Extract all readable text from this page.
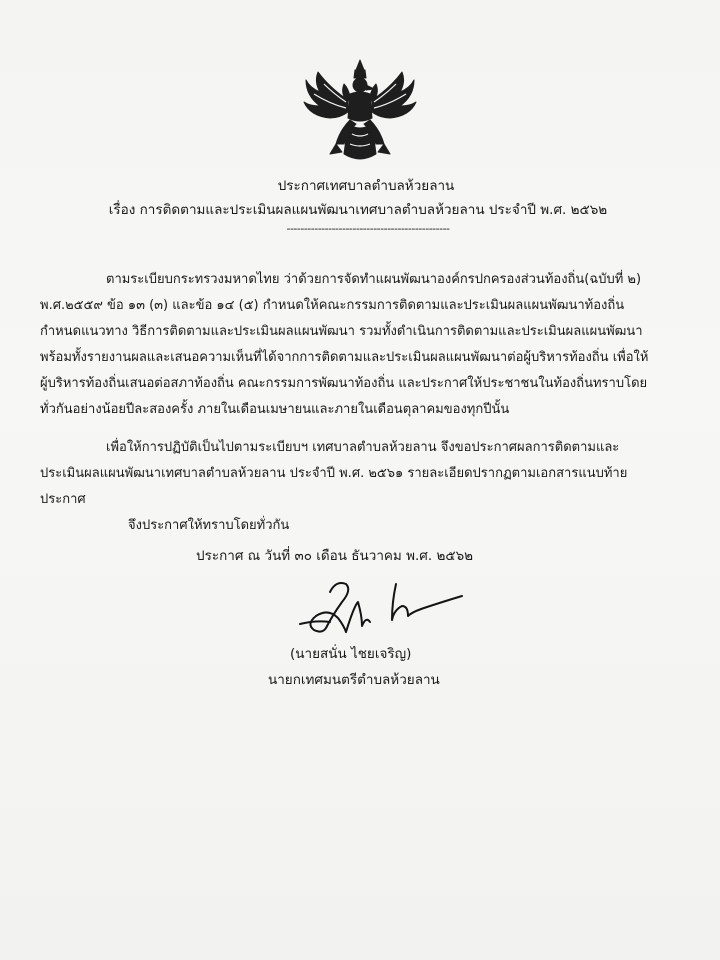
ประกาศเทศบาลตำบลห้วยลาน
เรื่อง การติดตามและประเมินผลแผนพัฒนาเทศบาลตำบลห้วยลาน ประจำปี พ.ศ. ๒๕๖๒
-----------------------------------------------
ตามระเบียบกระทรวงมหาดไทย ว่าด้วยการจัดทำแผนพัฒนาองค์กรปกครองส่วนท้องถิ่น(ฉบับที่ ๒)
พ.ศ.๒๕๕๙ ข้อ ๑๓ (๓) และข้อ ๑๔ (๕) กำหนดให้คณะกรรมการติดตามและประเมินผลแผนพัฒนาท้องถิ่น
กำหนดแนวทาง วิธีการติดตามและประเมินผลแผนพัฒนา รวมทั้งดำเนินการติดตามและประเมินผลแผนพัฒนา
พร้อมทั้งรายงานผลและเสนอความเห็นที่ได้จากการติดตามและประเมินผลแผนพัฒนาต่อผู้บริหารท้องถิ่น เพื่อให้
ผู้บริหารท้องถิ่นเสนอต่อสภาท้องถิ่น คณะกรรมการพัฒนาท้องถิ่น และประกาศให้ประชาชนในท้องถิ่นทราบโดย
ทั่วกันอย่างน้อยปีละสองครั้ง ภายในเดือนเมษายนและภายในเดือนตุลาคมของทุกปีนั้น
เพื่อให้การปฏิบัติเป็นไปตามระเบียบฯ เทศบาลตำบลห้วยลาน จึงขอประกาศผลการติดตามและ
ประเมินผลแผนพัฒนาเทศบาลตำบลห้วยลาน ประจำปี พ.ศ. ๒๕๖๑ รายละเอียดปรากฏตามเอกสารแนบท้าย
ประกาศ
จึงประกาศให้ทราบโดยทั่วกัน
ประกาศ ณ วันที่ ๓๐ เดือน ธันวาคม พ.ศ. ๒๕๖๒
(นายสนั่น ไชยเจริญ)
นายกเทศมนตรีตำบลห้วยลาน
